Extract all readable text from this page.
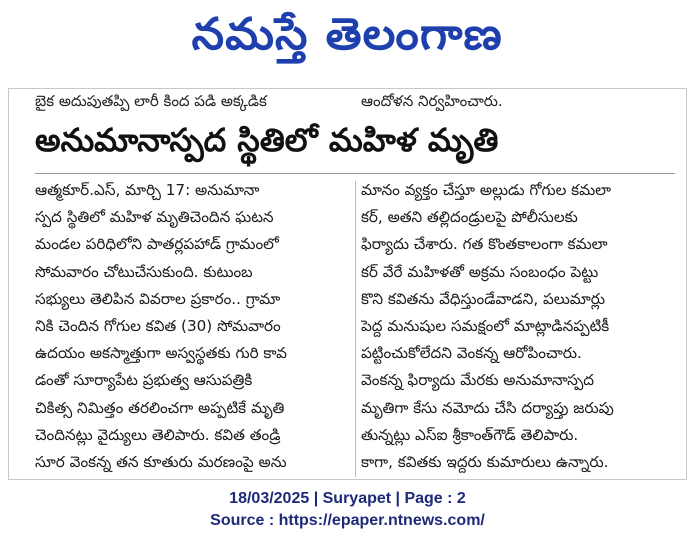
నమస్తే తెలంగాణ
బైక అదుపుతప్పి లారీ కింద పడి అక్కడిక	ఆందోళన నిర్వహించారు.
అనుమానాస్పద స్థితిలో మహిళ మృతి
ఆత్మకూర్‌.ఎస్‌, మార్చి 17: అనుమానా
స్పద స్థితిలో మహిళ మృతిచెందిన ఘటన
మండల పరిధిలోని పాతర్లపహాడ్‌ గ్రామంలో
సోమవారం చోటుచేసుకుంది. కుటుంబ
సభ్యులు తెలిపిన వివరాల ప్రకారం.. గ్రామా
నికి చెందిన గోగుల కవిత (30) సోమవారం
ఉదయం అకస్మాత్తుగా అస్వస్థతకు గురి కావ
డంతో సూర్యాపేట ప్రభుత్వ ఆసుపత్రికి
చికిత్స నిమిత్తం తరలించగా అప్పటికే మృతి
చెందినట్లు వైద్యులు తెలిపారు. కవిత తండ్రి
సూర వెంకన్న తన కూతురు మరణంపై అను
మానం వ్యక్తం చేస్తూ అల్లుడు గోగుల కమలా
కర్‌, అతని తల్లిదండ్రులపై పోలీసులకు
ఫిర్యాదు చేశారు. గత కొంతకాలంగా కమలా
కర్‌ వేరే మహిళతో అక్రమ సంబంధం పెట్టు
కొని కవితను వేధిస్తుండేవాడని, పలుమార్లు
పెద్ద మనుషుల సమక్షంలో మాట్లాడినప్పటికీ
పట్టించుకోలేదని వెంకన్న ఆరోపించారు.
వెంకన్న ఫిర్యాదు మేరకు అనుమానాస్పద
మృతిగా కేసు నమోదు చేసి దర్యాప్తు జరుపు
తున్నట్లు ఎస్‌ఐ శ్రీకాంత్‌గౌడ్‌ తెలిపారు.
కాగా, కవితకు ఇద్దరు కుమారులు ఉన్నారు.
18/03/2025 | Suryapet | Page : 2
Source : https://epaper.ntnews.com/
